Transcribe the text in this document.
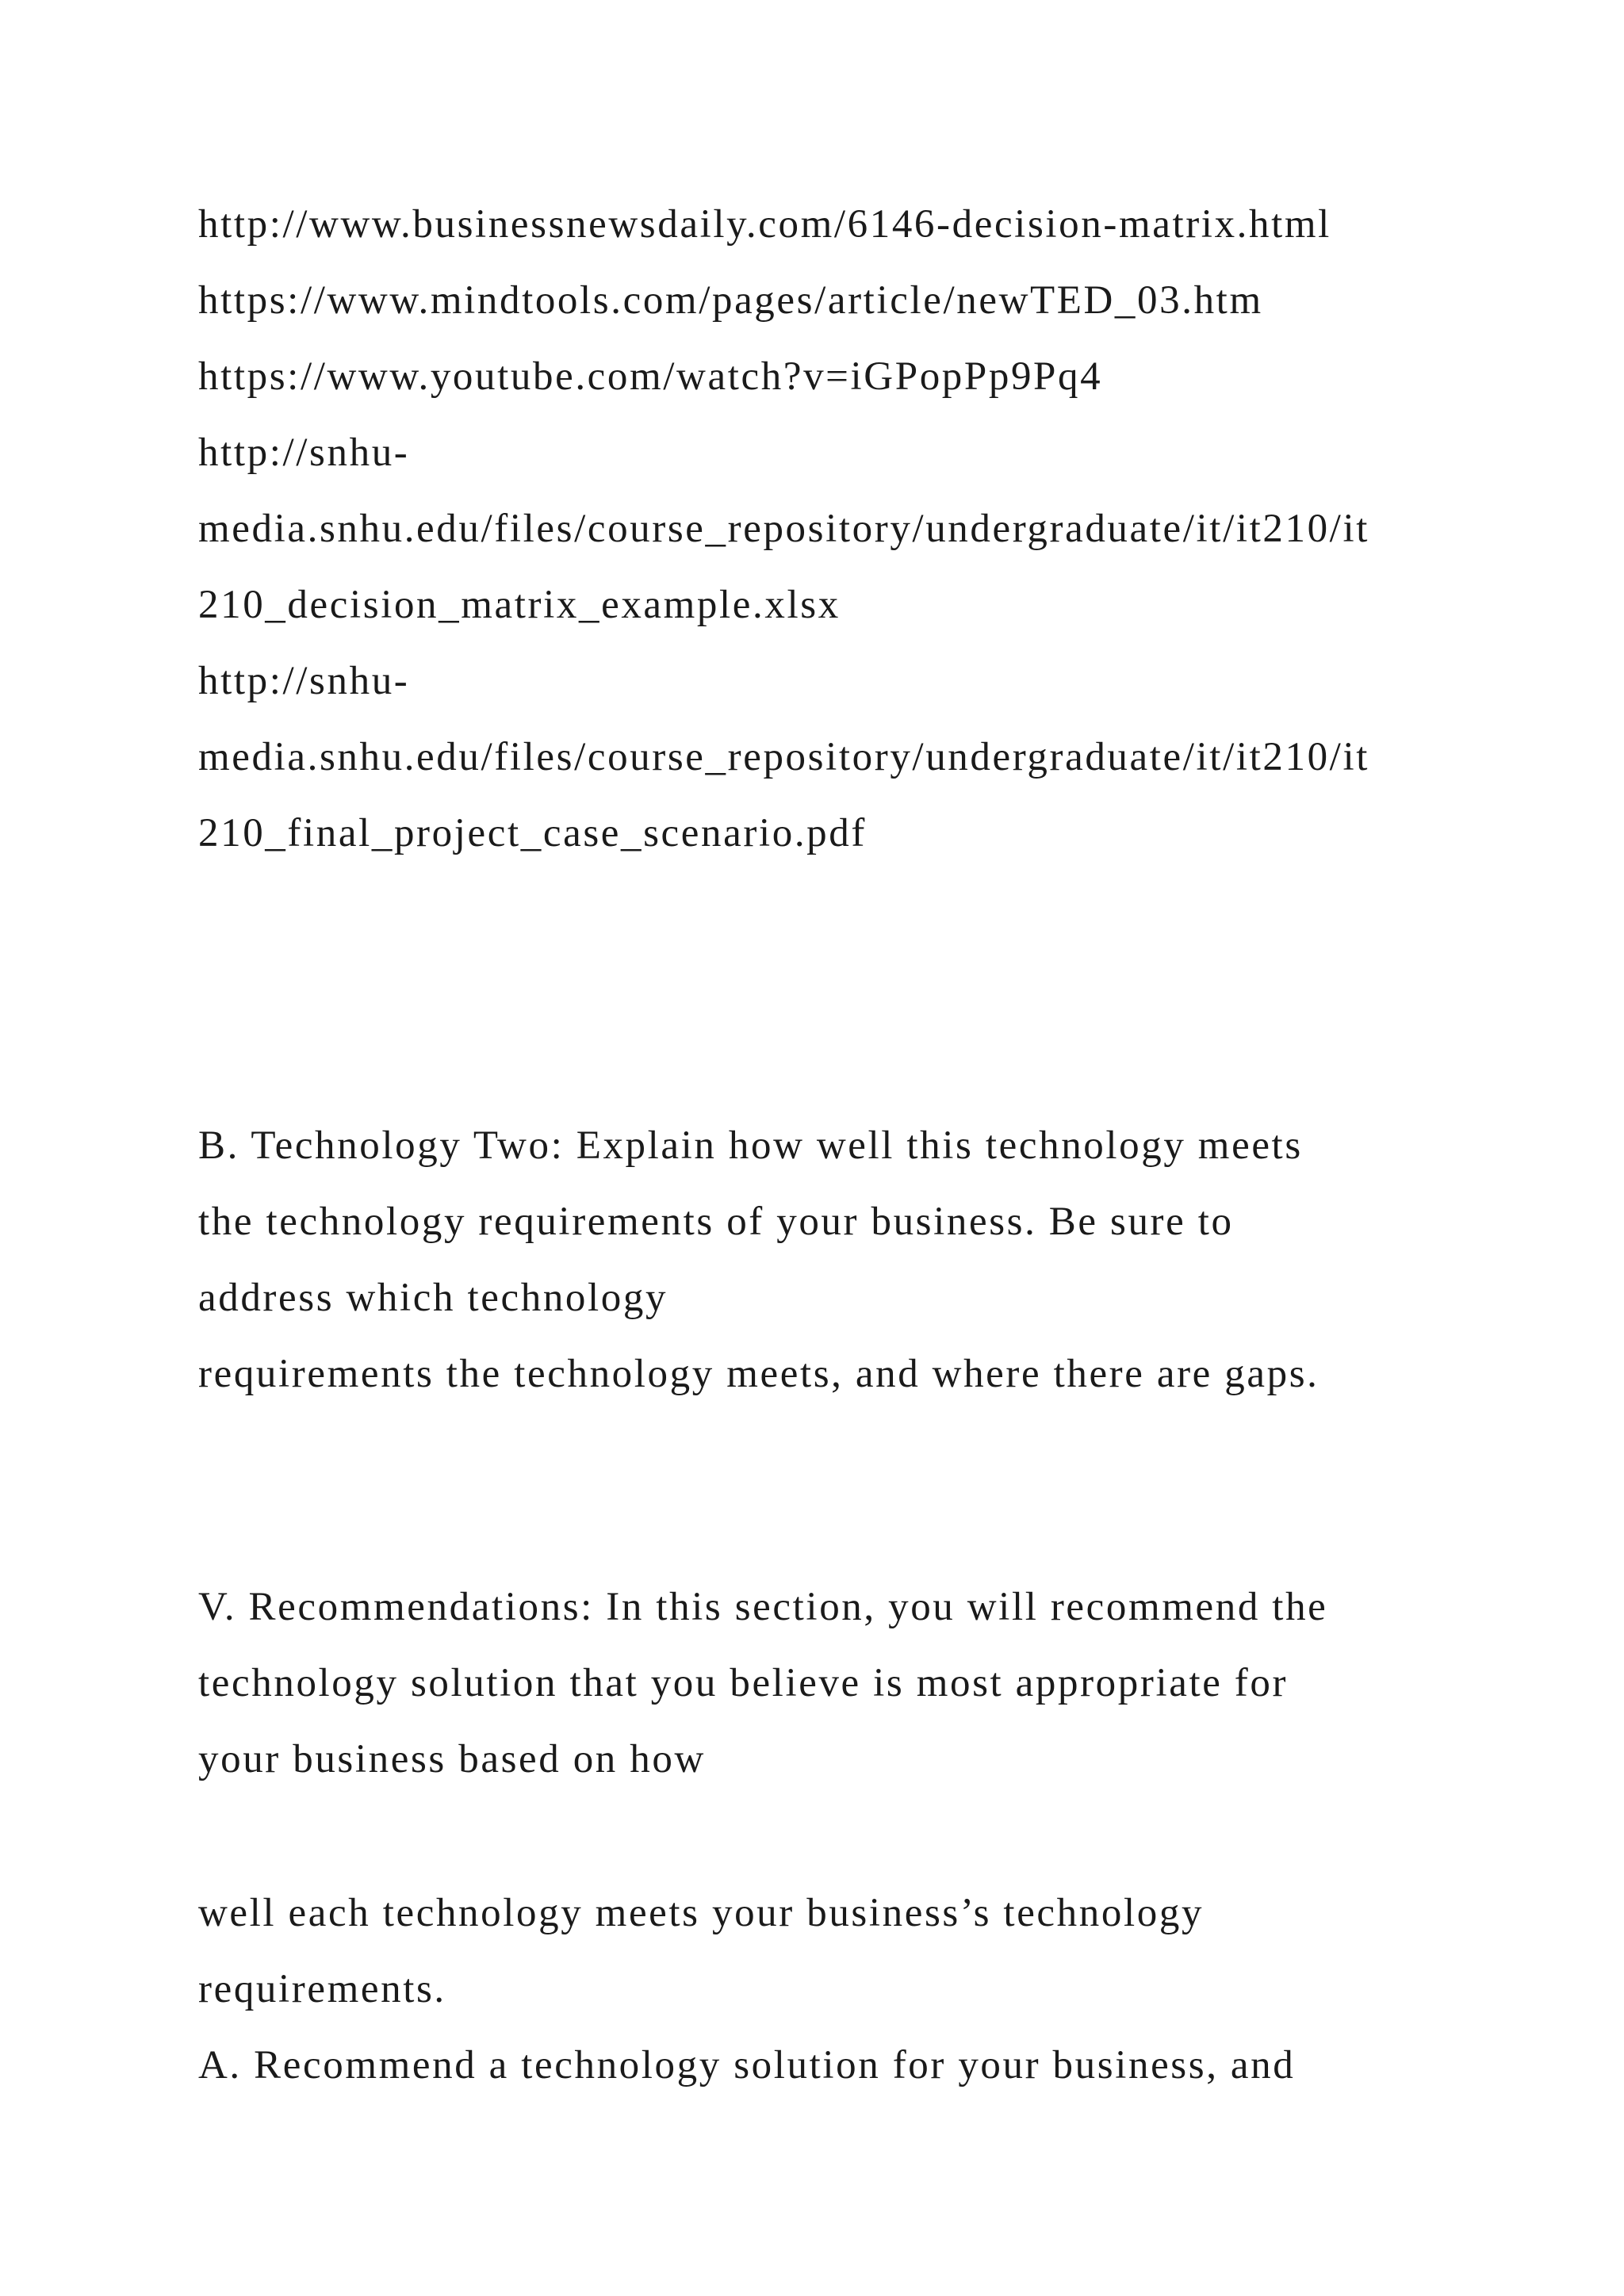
http://www.businessnewsdaily.com/6146-decision-matrix.html

https://www.mindtools.com/pages/article/newTED_03.htm

https://www.youtube.com/watch?v=iGPopPp9Pq4

http://snhu-

media.snhu.edu/files/course_repository/undergraduate/it/it210/it

210_decision_matrix_example.xlsx

http://snhu-

media.snhu.edu/files/course_repository/undergraduate/it/it210/it

210_final_project_case_scenario.pdf

B. Technology Two: Explain how well this technology meets

the technology requirements of your business. Be sure to

address which technology

requirements the technology meets, and where there are gaps.

V. Recommendations: In this section, you will recommend the

technology solution that you believe is most appropriate for

your business based on how

well each technology meets your business’s technology

requirements.

A. Recommend a technology solution for your business, and
